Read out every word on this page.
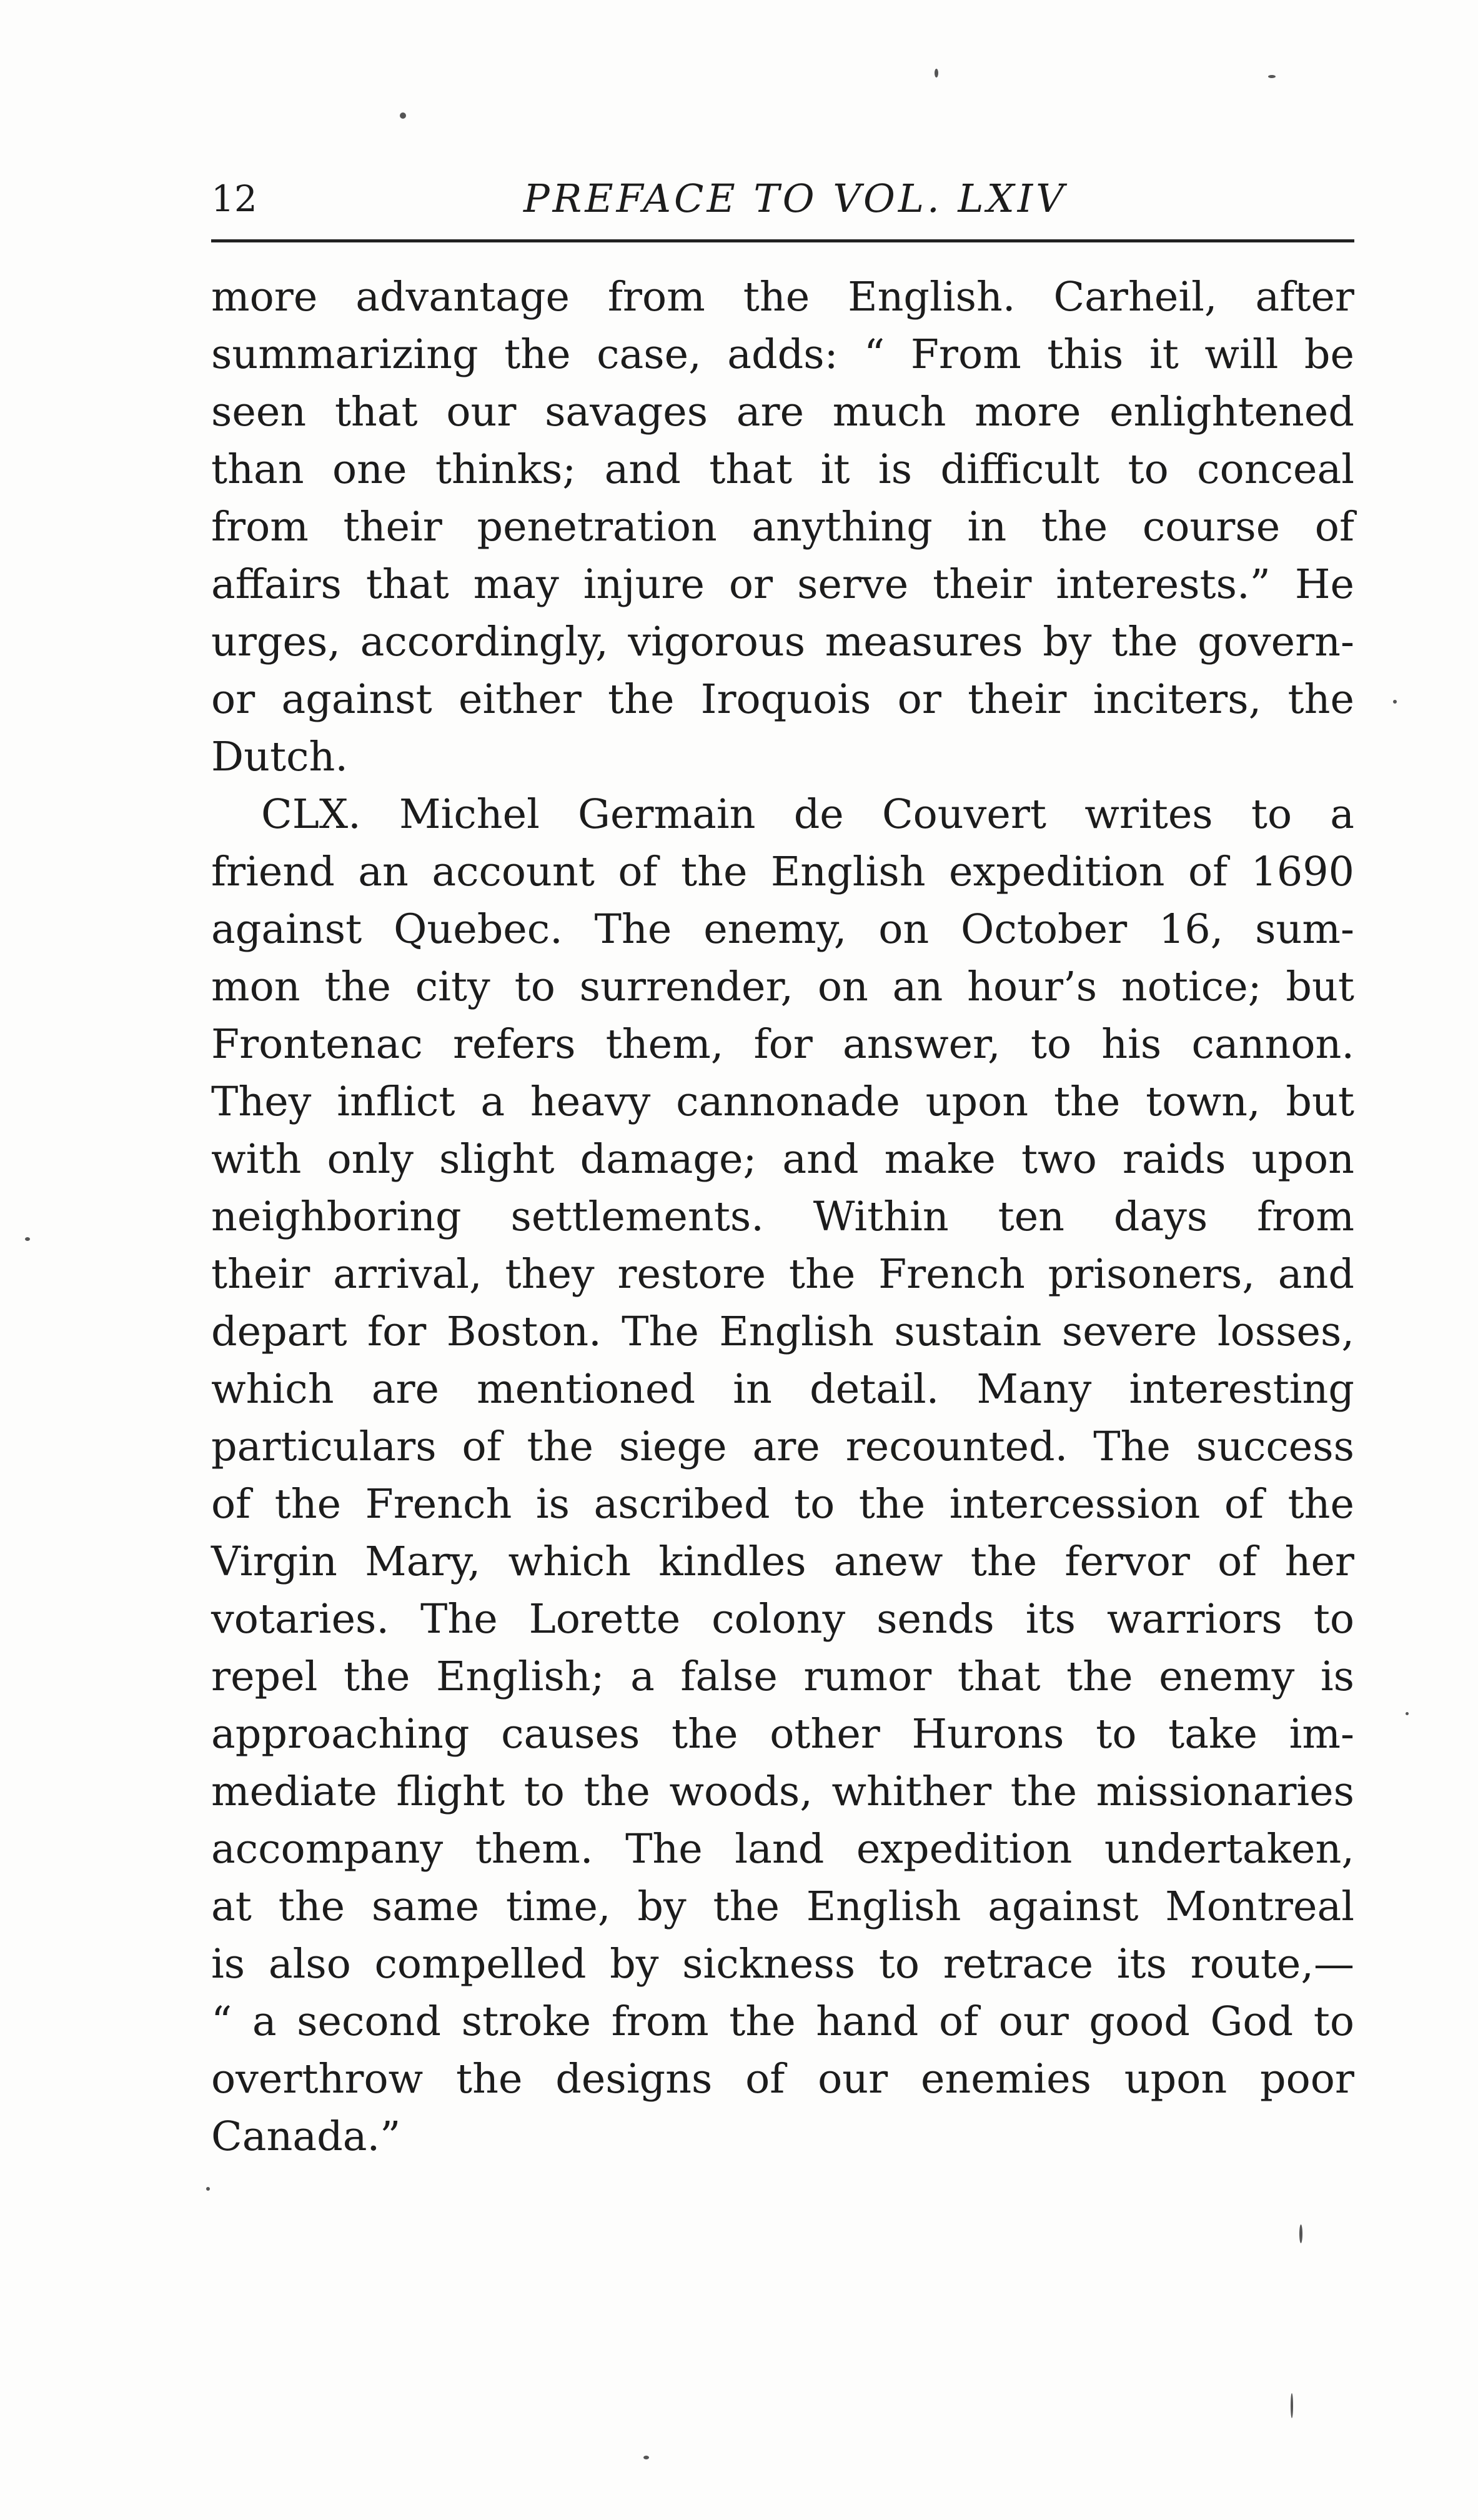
12	PREFACE TO VOL. LXIV
more advantage from the English. Carheil, after
summarizing the case, adds: “ From this it will be
seen that our savages are much more enlightened
than one thinks; and that it is difficult to conceal
from their penetration anything in the course of
affairs that may injure or serve their interests.” He
urges, accordingly, vigorous measures by the govern-
or against either the Iroquois or their inciters, the
Dutch.
CLX. Michel Germain de Couvert writes to a
friend an account of the English expedition of 1690
against Quebec. The enemy, on October 16, sum-
mon the city to surrender, on an hour’s notice; but
Frontenac refers them, for answer, to his cannon.
They inflict a heavy cannonade upon the town, but
with only slight damage; and make two raids upon
neighboring settlements. Within ten days from
their arrival, they restore the French prisoners, and
depart for Boston. The English sustain severe losses,
which are mentioned in detail. Many interesting
particulars of the siege are recounted. The success
of the French is ascribed to the intercession of the
Virgin Mary, which kindles anew the fervor of her
votaries. The Lorette colony sends its warriors to
repel the English; a false rumor that the enemy is
approaching causes the other Hurons to take im-
mediate flight to the woods, whither the missionaries
accompany them. The land expedition undertaken,
at the same time, by the English against Montreal
is also compelled by sickness to retrace its route,—
“ a second stroke from the hand of our good God to
overthrow the designs of our enemies upon poor
Canada.”
